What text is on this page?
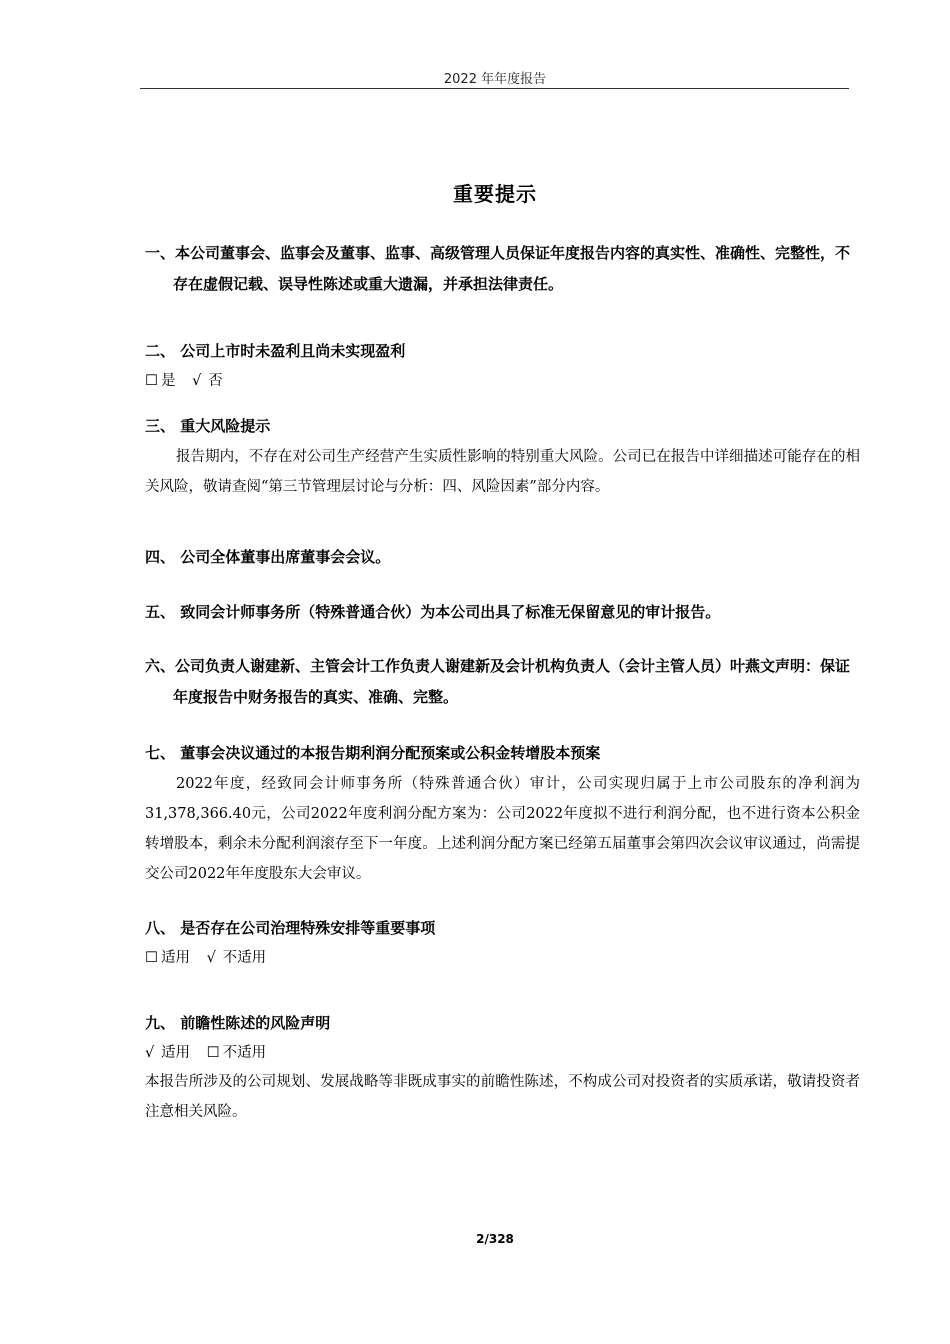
2022 年年度报告
重要提示

一、本公司董事会、监事会及董事、监事、高级管理人员保证年度报告内容的真实性、准确性、完整性，不存在虚假记载、误导性陈述或重大遗漏，并承担法律责任。

二、 公司上市时未盈利且尚未实现盈利

☐ 是 √ 否

三、 重大风险提示

报告期内，不存在对公司生产经营产生实质性影响的特别重大风险。公司已在报告中详细描述可能存在的相关风险，敬请查阅“第三节管理层讨论与分析：四、风险因素”部分内容。

四、 公司全体董事出席董事会会议。

五、 致同会计师事务所（特殊普通合伙）为本公司出具了标准无保留意见的审计报告。

六、公司负责人谢建新、主管会计工作负责人谢建新及会计机构负责人（会计主管人员）叶燕文声明：保证年度报告中财务报告的真实、准确、完整。

七、 董事会决议通过的本报告期利润分配预案或公积金转增股本预案

2022年度，经致同会计师事务所（特殊普通合伙）审计，公司实现归属于上市公司股东的净利润为31,378,366.40元，公司2022年度利润分配方案为：公司2022年度拟不进行利润分配，也不进行资本公积金转增股本，剩余未分配利润滚存至下一年度。上述利润分配方案已经第五届董事会第四次会议审议通过，尚需提交公司2022年年度股东大会审议。

八、 是否存在公司治理特殊安排等重要事项

☐ 适用 √ 不适用

九、 前瞻性陈述的风险声明

√ 适用 ☐ 不适用

本报告所涉及的公司规划、发展战略等非既成事实的前瞻性陈述，不构成公司对投资者的实质承诺，敬请投资者注意相关风险。

2/328
